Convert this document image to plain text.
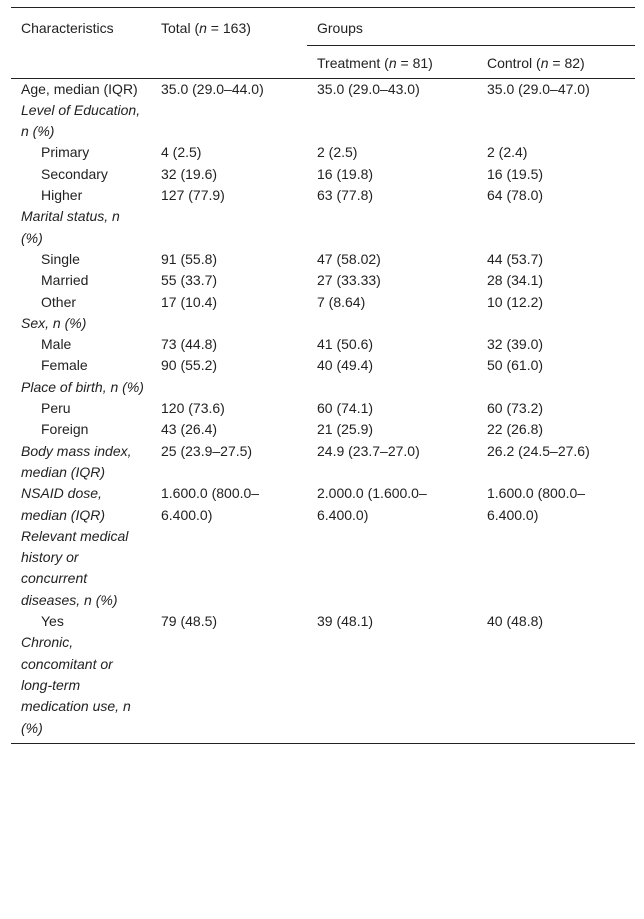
Characteristics	Total (n = 163)	Groups	
		Treatment (n = 81)	Control (n = 82)
Age, median (IQR)	35.0 (29.0–44.0)	35.0 (29.0–43.0)	35.0 (29.0–47.0)
Level of Education, n (%)			
Primary	4 (2.5)	2 (2.5)	2 (2.4)
Secondary	32 (19.6)	16 (19.8)	16 (19.5)
Higher	127 (77.9)	63 (77.8)	64 (78.0)
Marital status, n (%)			
Single	91 (55.8)	47 (58.02)	44 (53.7)
Married	55 (33.7)	27 (33.33)	28 (34.1)
Other	17 (10.4)	7 (8.64)	10 (12.2)
Sex, n (%)			
Male	73 (44.8)	41 (50.6)	32 (39.0)
Female	90 (55.2)	40 (49.4)	50 (61.0)
Place of birth, n (%)			
Peru	120 (73.6)	60 (74.1)	60 (73.2)
Foreign	43 (26.4)	21 (25.9)	22 (26.8)
Body mass index, median (IQR)	25 (23.9–27.5)	24.9 (23.7–27.0)	26.2 (24.5–27.6)
NSAID dose, median (IQR)	1.600.0 (800.0–6.400.0)	2.000.0 (1.600.0–6.400.0)	1.600.0 (800.0–6.400.0)
Relevant medical history or concurrent diseases, n (%)			
Yes	79 (48.5)	39 (48.1)	40 (48.8)
Chronic, concomitant or long-term medication use, n (%)			
